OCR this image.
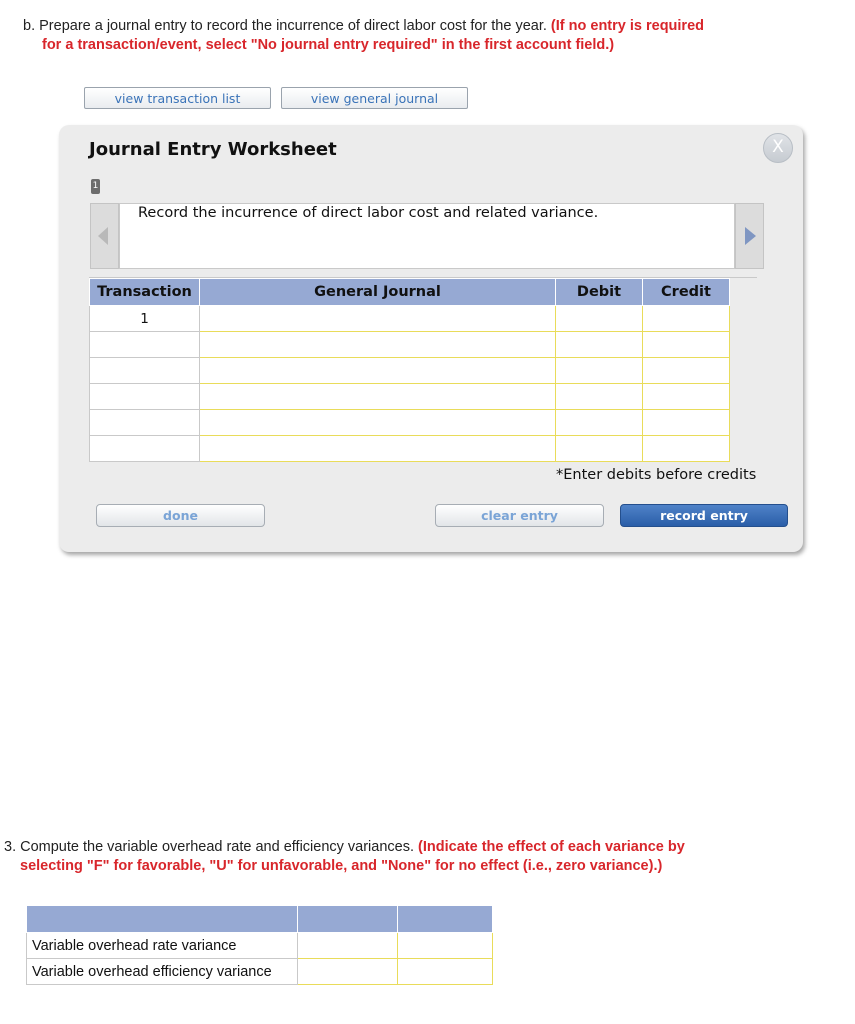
b. Prepare a journal entry to record the incurrence of direct labor cost for the year. (If no entry is required
for a transaction/event, select "No journal entry required" in the first account field.)
view transaction list	view general journal
Journal Entry Worksheet	X
1
Record the incurrence of direct labor cost and related variance.
Transaction	General Journal	Debit	Credit
1			

*Enter debits before credits
done	clear entry	record entry
3. Compute the variable overhead rate and efficiency variances. (Indicate the effect of each variance by
selecting "F" for favorable, "U" for unfavorable, and "None" for no effect (i.e., zero variance).)

Variable overhead rate variance		
Variable overhead efficiency variance		
